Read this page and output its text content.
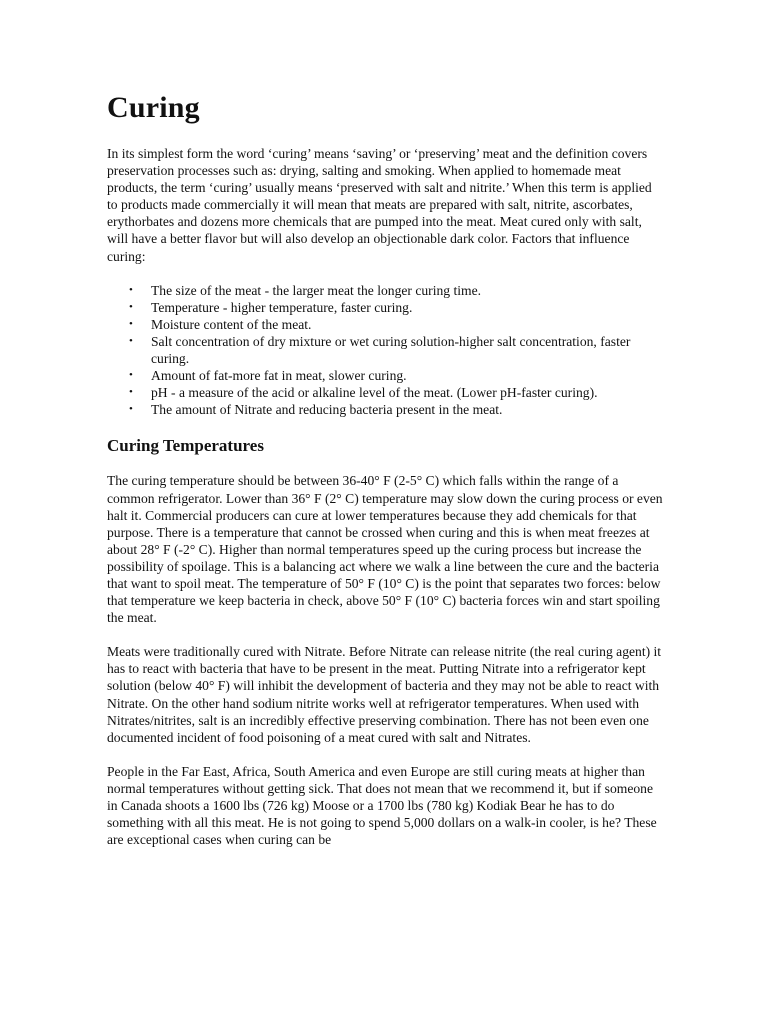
Curing

In its simplest form the word ‘curing’ means ‘saving’ or ‘preserving’ meat and the definition covers preservation processes such as: drying, salting and smoking. When applied to homemade meat products, the term ‘curing’ usually means ‘preserved with salt and nitrite.’ When this term is applied to products made commercially it will mean that meats are prepared with salt, nitrite, ascorbates, erythorbates and dozens more chemicals that are pumped into the meat. Meat cured only with salt, will have a better flavor but will also develop an objectionable dark color. Factors that influence curing:

• The size of the meat - the larger meat the longer curing time.
• Temperature - higher temperature, faster curing.
• Moisture content of the meat.
• Salt concentration of dry mixture or wet curing solution-higher salt concentration, faster curing.
• Amount of fat-more fat in meat, slower curing.
• pH - a measure of the acid or alkaline level of the meat. (Lower pH-faster curing).
• The amount of Nitrate and reducing bacteria present in the meat.
Curing Temperatures

The curing temperature should be between 36-40° F (2-5° C) which falls within the range of a common refrigerator. Lower than 36° F (2° C) temperature may slow down the curing process or even halt it. Commercial producers can cure at lower temperatures because they add chemicals for that purpose. There is a temperature that cannot be crossed when curing and this is when meat freezes at about 28° F (-2° C). Higher than normal temperatures speed up the curing process but increase the possibility of spoilage. This is a balancing act where we walk a line between the cure and the bacteria that want to spoil meat. The temperature of 50° F (10° C) is the point that separates two forces: below that temperature we keep bacteria in check, above 50° F (10° C) bacteria forces win and start spoiling the meat.

Meats were traditionally cured with Nitrate. Before Nitrate can release nitrite (the real curing agent) it has to react with bacteria that have to be present in the meat. Putting Nitrate into a refrigerator kept solution (below 40° F) will inhibit the development of bacteria and they may not be able to react with Nitrate. On the other hand sodium nitrite works well at refrigerator temperatures. When used with Nitrates/nitrites, salt is an incredibly effective preserving combination. There has not been even one documented incident of food poisoning of a meat cured with salt and Nitrates.

People in the Far East, Africa, South America and even Europe are still curing meats at higher than normal temperatures without getting sick. That does not mean that we recommend it, but if someone in Canada shoots a 1600 lbs (726 kg) Moose or a 1700 lbs (780 kg) Kodiak Bear he has to do something with all this meat. He is not going to spend 5,000 dollars on a walk-in cooler, is he? These are exceptional cases when curing can be
